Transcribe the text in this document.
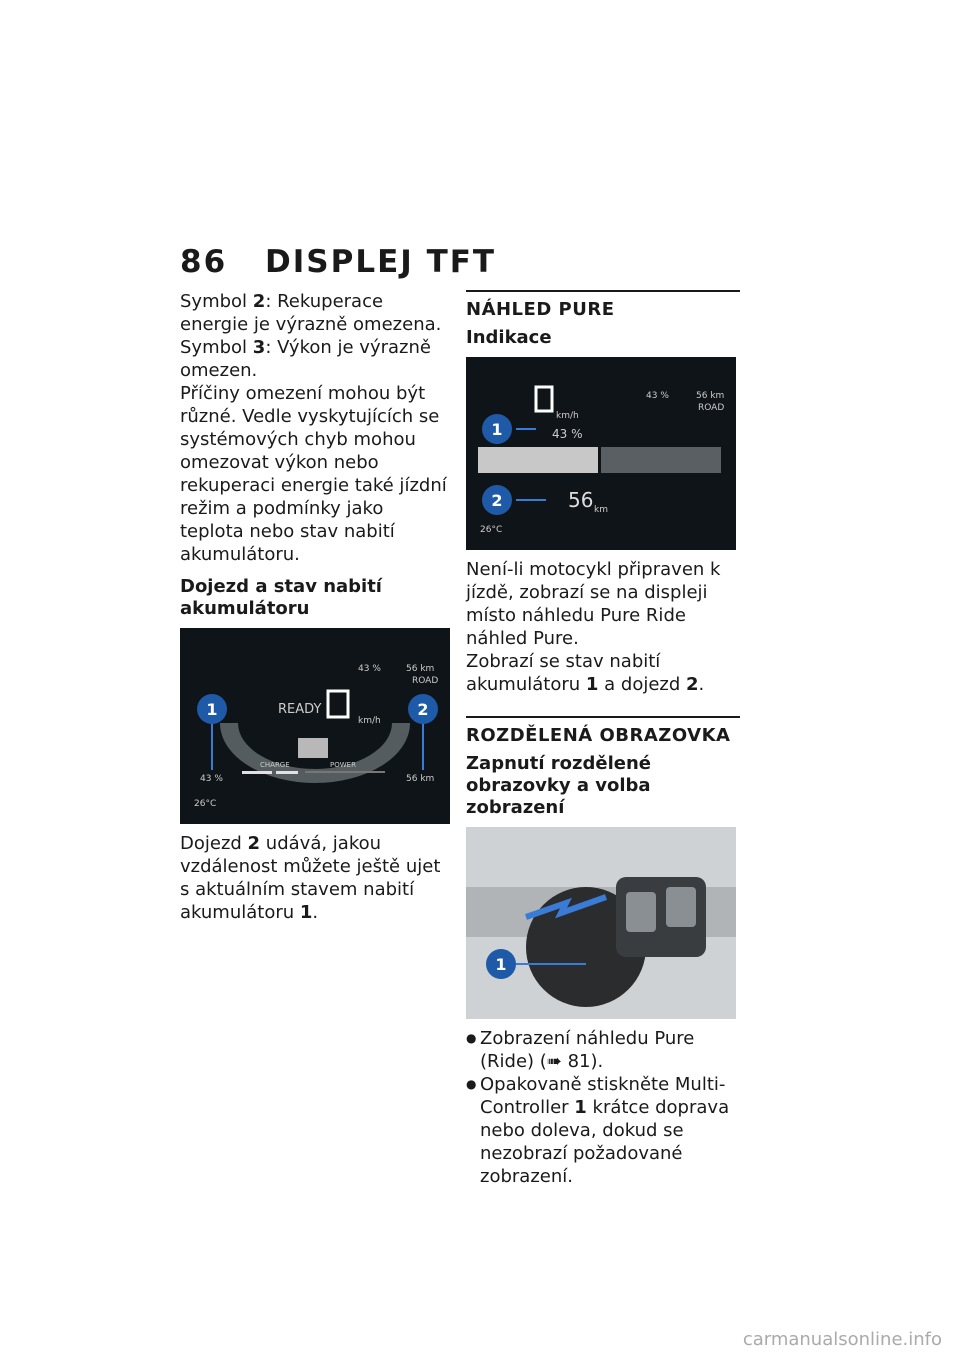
86 DISPLEJ TFT

Symbol 2: Rekuperace energie je výrazně omezena.

Symbol 3: Výkon je výrazně omezen.

Příčiny omezení mohou být různé. Vedle vyskytujících se systémových chyb mohou omezovat výkon nebo rekuperaci energie také jízdní režim a podmínky jako teplota nebo stav nabití akumulátoru.

Dojezd a stav nabití akumulátoru
43 %	56 km
ROAD
READY
km/h
CHARGE	POWER
43 %	56 km
26°C
1	2

Dojezd 2 udává, jakou vzdálenost můžete ještě ujet s aktuálním stavem nabití akumulátoru 1.

NÁHLED PURE
Indikace
km/h
43 %	56 km
ROAD
43 %
56 km
26°C
1
2

Není-li motocykl připraven k jízdě, zobrazí se na displeji místo náhledu Pure Ride náhled Pure.

Zobrazí se stav nabití akumulátoru 1 a dojezd 2.

ROZDĚLENÁ OBRAZOVKA
Zapnutí rozdělené obrazovky a volba zobrazení
1

● Zobrazení náhledu Pure (Ride) (➠ 81).

● Opakovaně stiskněte Multi-Controller 1 krátce doprava nebo doleva, dokud se nezobrazí požadované zobrazení.

carmanualsonline.info
